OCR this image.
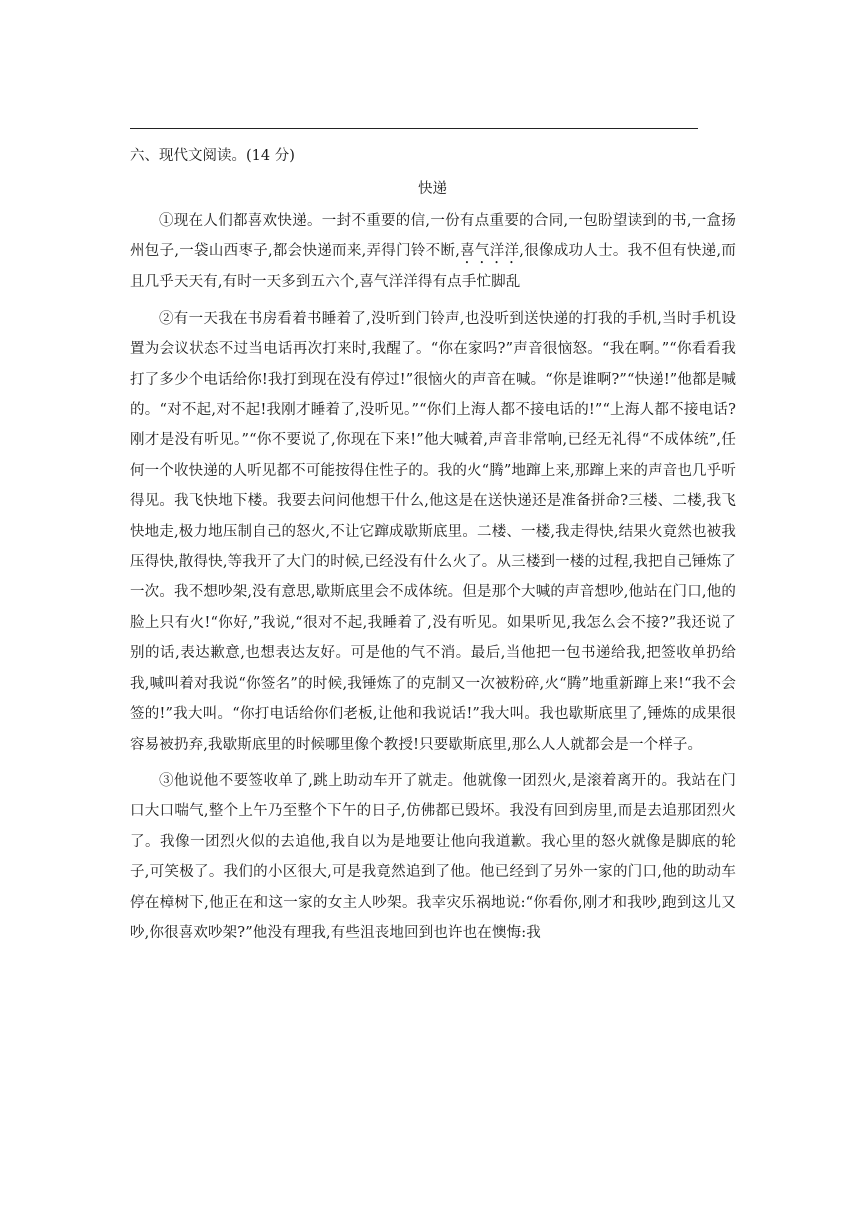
六、现代文阅读。(14 分)
快递

①现在人们都喜欢快递。一封不重要的信,一份有点重要的合同,一包盼望读到的书,一盒扬州包子,一袋山西枣子,都会快递而来,弄得门铃不断,喜气洋洋,很像成功人士。我不但有快递,而且几乎天天有,有时一天多到五六个,喜气洋洋得有点手忙脚乱

②有一天我在书房看着书睡着了,没听到门铃声,也没听到送快递的打我的手机,当时手机设置为会议状态不过当电话再次打来时,我醒了。“你在家吗?”声音很恼怒。“我在啊。”“你看看我打了多少个电话给你!我打到现在没有停过!”很恼火的声音在喊。“你是谁啊?”“快递!”他都是喊的。“对不起,对不起!我刚才睡着了,没听见。”“你们上海人都不接电话的!”“上海人都不接电话?刚才是没有听见。”“你不要说了,你现在下来!”他大喊着,声音非常响,已经无礼得“不成体统”,任何一个收快递的人听见都不可能按得住性子的。我的火“腾”地蹿上来,那蹿上来的声音也几乎听得见。我飞快地下楼。我要去问问他想干什么,他这是在送快递还是准备拼命?三楼、二楼,我飞快地走,极力地压制自己的怒火,不让它蹿成歇斯底里。二楼、一楼,我走得快,结果火竟然也被我压得快,散得快,等我开了大门的时候,已经没有什么火了。从三楼到一楼的过程,我把自己锤炼了一次。我不想吵架,没有意思,歇斯底里会不成体统。但是那个大喊的声音想吵,他站在门口,他的脸上只有火!“你好,”我说,“很对不起,我睡着了,没有听见。如果听见,我怎么会不接?”我还说了别的话,表达歉意,也想表达友好。可是他的气不消。最后,当他把一包书递给我,把签收单扔给我,喊叫着对我说“你签名”的时候,我锤炼了的克制又一次被粉碎,火“腾”地重新蹿上来!“我不会签的!”我大叫。“你打电话给你们老板,让他和我说话!”我大叫。我也歇斯底里了,锤炼的成果很容易被扔弃,我歇斯底里的时候哪里像个教授!只要歇斯底里,那么人人就都会是一个样子。

③他说他不要签收单了,跳上助动车开了就走。他就像一团烈火,是滚着离开的。我站在门口大口喘气,整个上午乃至整个下午的日子,仿佛都已毁坏。我没有回到房里,而是去追那团烈火了。我像一团烈火似的去追他,我自以为是地要让他向我道歉。我心里的怒火就像是脚底的轮子,可笑极了。我们的小区很大,可是我竟然追到了他。他已经到了另外一家的门口,他的助动车停在樟树下,他正在和这一家的女主人吵架。我幸灾乐祸地说:“你看你,刚才和我吵,跑到这儿又吵,你很喜欢吵架?”他没有理我,有些沮丧地回到也许也在懊悔:我
